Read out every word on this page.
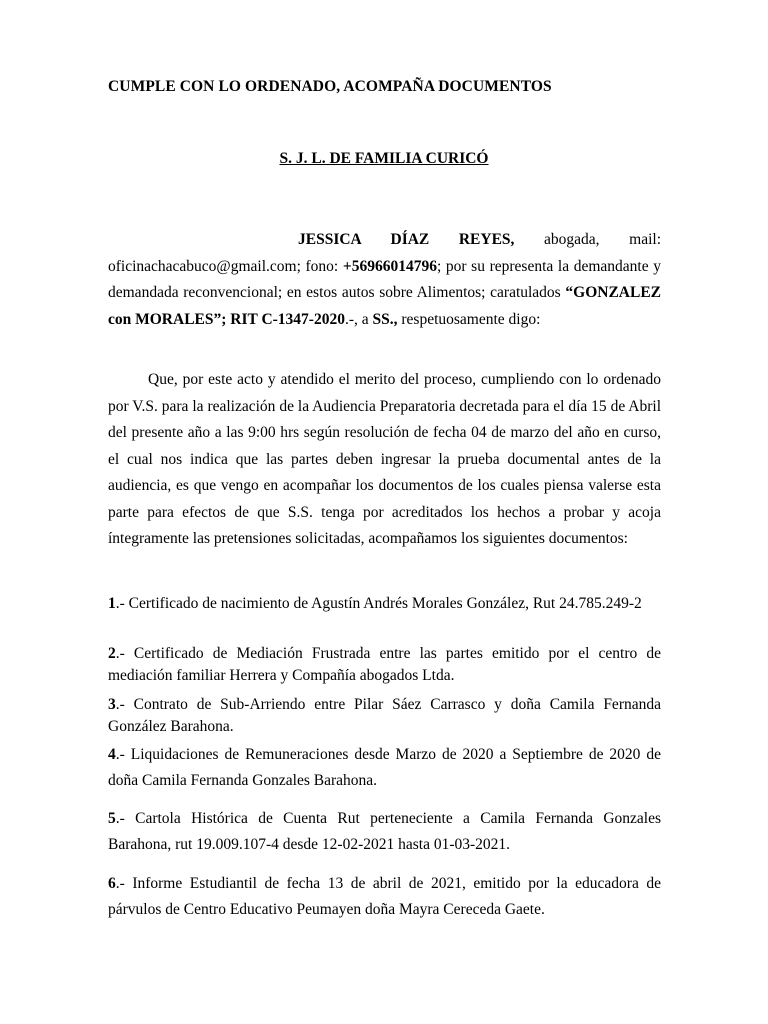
CUMPLE CON LO ORDENADO, ACOMPAÑA DOCUMENTOS
S. J. L. DE FAMILIA CURICÓ

JESSICA DÍAZ REYES, abogada, mail: oficinachacabuco@gmail.com; fono: +56966014796; por su representa la demandante y demandada reconvencional; en estos autos sobre Alimentos; caratulados “GONZALEZ con MORALES”; RIT C-1347-2020.-, a SS., respetuosamente digo:

Que, por este acto y atendido el merito del proceso, cumpliendo con lo ordenado por V.S. para la realización de la Audiencia Preparatoria decretada para el día 15 de Abril del presente año a las 9:00 hrs según resolución de fecha 04 de marzo del año en curso, el cual nos indica que las partes deben ingresar la prueba documental antes de la audiencia, es que vengo en acompañar los documentos de los cuales piensa valerse esta parte para efectos de que S.S. tenga por acreditados los hechos a probar y acoja íntegramente las pretensiones solicitadas, acompañamos los siguientes documentos:

1.- Certificado de nacimiento de Agustín Andrés Morales González, Rut 24.785.249-2

2.- Certificado de Mediación Frustrada entre las partes emitido por el centro de mediación familiar Herrera y Compañía abogados Ltda.

3.- Contrato de Sub-Arriendo entre Pilar Sáez Carrasco y doña Camila Fernanda González Barahona.

4.- Liquidaciones de Remuneraciones desde Marzo de 2020 a Septiembre de 2020 de doña Camila Fernanda Gonzales Barahona.

5.- Cartola Histórica de Cuenta Rut perteneciente a Camila Fernanda Gonzales Barahona, rut 19.009.107-4 desde 12-02-2021 hasta 01-03-2021.

6.- Informe Estudiantil de fecha 13 de abril de 2021, emitido por la educadora de párvulos de Centro Educativo Peumayen doña Mayra Cereceda Gaete.
